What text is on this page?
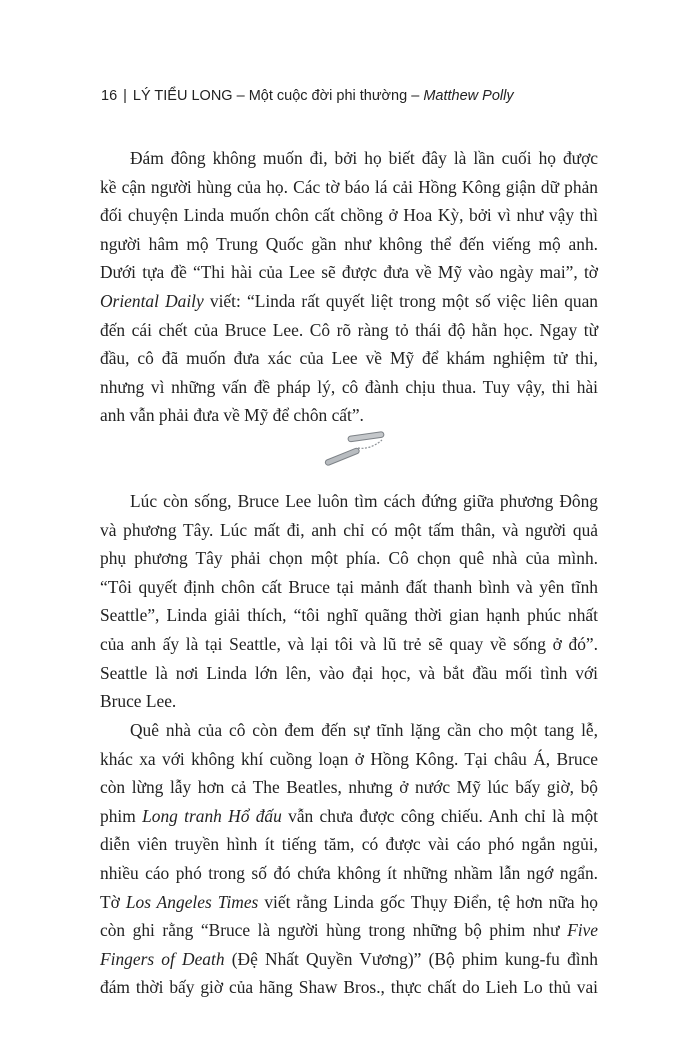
16 | LÝ TIỂU LONG – Một cuộc đời phi thường – Matthew Polly
Đám đông không muốn đi, bởi họ biết đây là lần cuối họ được
kề cận người hùng của họ. Các tờ báo lá cải Hồng Kông giận dữ phản
đối chuyện Linda muốn chôn cất chồng ở Hoa Kỳ, bởi vì như vậy thì
người hâm mộ Trung Quốc gần như không thể đến viếng mộ anh.
Dưới tựa đề “Thi hài của Lee sẽ được đưa về Mỹ vào ngày mai”, tờ
Oriental Daily viết: “Linda rất quyết liệt trong một số việc liên quan
đến cái chết của Bruce Lee. Cô rõ ràng tỏ thái độ hằn học. Ngay từ
đầu, cô đã muốn đưa xác của Lee về Mỹ để khám nghiệm tử thi,
nhưng vì những vấn đề pháp lý, cô đành chịu thua. Tuy vậy, thi hài
anh vẫn phải đưa về Mỹ để chôn cất”.
Lúc còn sống, Bruce Lee luôn tìm cách đứng giữa phương Đông
và phương Tây. Lúc mất đi, anh chỉ có một tấm thân, và người quả
phụ phương Tây phải chọn một phía. Cô chọn quê nhà của mình.
“Tôi quyết định chôn cất Bruce tại mảnh đất thanh bình và yên tĩnh
Seattle”, Linda giải thích, “tôi nghĩ quãng thời gian hạnh phúc nhất
của anh ấy là tại Seattle, và lại tôi và lũ trẻ sẽ quay về sống ở đó”.
Seattle là nơi Linda lớn lên, vào đại học, và bắt đầu mối tình với
Bruce Lee.
Quê nhà của cô còn đem đến sự tĩnh lặng cần cho một tang lễ,
khác xa với không khí cuồng loạn ở Hồng Kông. Tại châu Á, Bruce
còn lừng lẫy hơn cả The Beatles, nhưng ở nước Mỹ lúc bấy giờ, bộ
phim Long tranh Hổ đấu vẫn chưa được công chiếu. Anh chỉ là một
diễn viên truyền hình ít tiếng tăm, có được vài cáo phó ngắn ngủi,
nhiều cáo phó trong số đó chứa không ít những nhầm lẫn ngớ ngẩn.
Tờ Los Angeles Times viết rằng Linda gốc Thụy Điển, tệ hơn nữa họ
còn ghi rằng “Bruce là người hùng trong những bộ phim như Five
Fingers of Death (Đệ Nhất Quyền Vương)” (Bộ phim kung-fu đình
đám thời bấy giờ của hãng Shaw Bros., thực chất do Lieh Lo thủ vai
